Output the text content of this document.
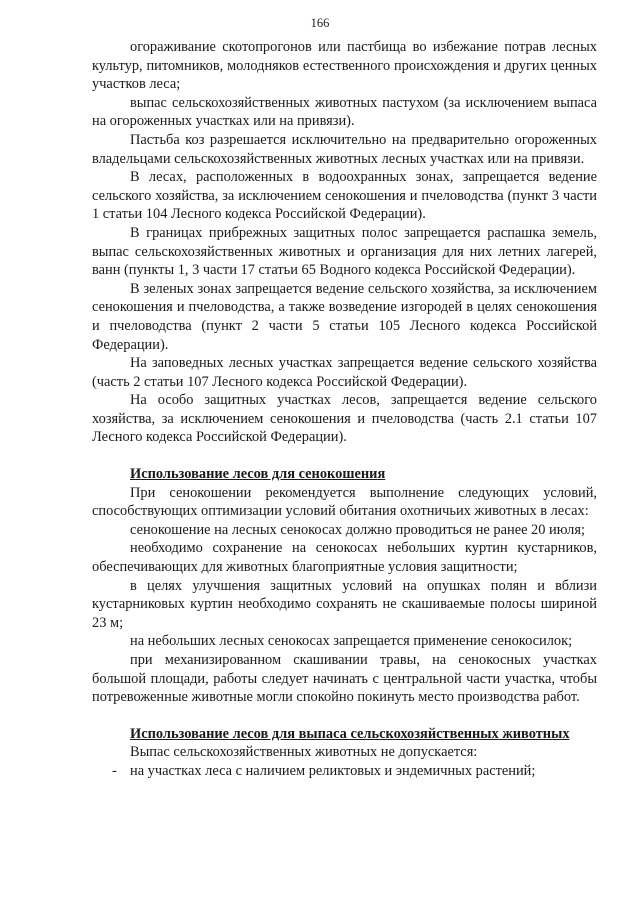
166

огораживание скотопрогонов или пастбища во избежание потрав лесных культур, питомников, молодняков естественного происхождения и других ценных участков леса;

выпас сельскохозяйственных животных пастухом (за исключением выпаса на огороженных участках или на привязи).

Пастьба коз разрешается исключительно на предварительно огороженных владельцами сельскохозяйственных животных лесных участках или на привязи.

В лесах, расположенных в водоохранных зонах, запрещается ведение сельского хозяйства, за исключением сенокошения и пчеловодства (пункт 3 части 1 статьи 104 Лесного кодекса Российской Федерации).

В границах прибрежных защитных полос запрещается распашка земель, выпас сельскохозяйственных животных и организация для них летних лагерей, ванн (пункты 1, 3 части 17 статьи 65 Водного кодекса Российской Федерации).

В зеленых зонах запрещается ведение сельского хозяйства, за исключением сенокошения и пчеловодства, а также возведение изгородей в целях сенокошения и пчеловодства (пункт 2 части 5 статьи 105 Лесного кодекса Российской Федерации).

На заповедных лесных участках запрещается ведение сельского хозяйства (часть 2 статьи 107 Лесного кодекса Российской Федерации).

На особо защитных участках лесов, запрещается ведение сельского хозяйства, за исключением сенокошения и пчеловодства (часть 2.1 статьи 107 Лесного кодекса Российской Федерации).

Использование лесов для сенокошения

При сенокошении рекомендуется выполнение следующих условий, способствующих оптимизации условий обитания охотничьих животных в лесах:

сенокошение на лесных сенокосах должно проводиться не ранее 20 июля;

необходимо сохранение на сенокосах небольших куртин кустарников, обеспечивающих для животных благоприятные условия защитности;

в целях улучшения защитных условий на опушках полян и вблизи кустарниковых куртин необходимо сохранять не скашиваемые полосы шириной 23 м;

на небольших лесных сенокосах запрещается применение сенокосилок;

при механизированном скашивании травы, на сенокосных участках большой площади, работы следует начинать с центральной части участка, чтобы потревоженные животные могли спокойно покинуть место производства работ.

Использование лесов для выпаса сельскохозяйственных животных

Выпас сельскохозяйственных животных не допускается:

- на участках леса с наличием реликтовых и эндемичных растений;
